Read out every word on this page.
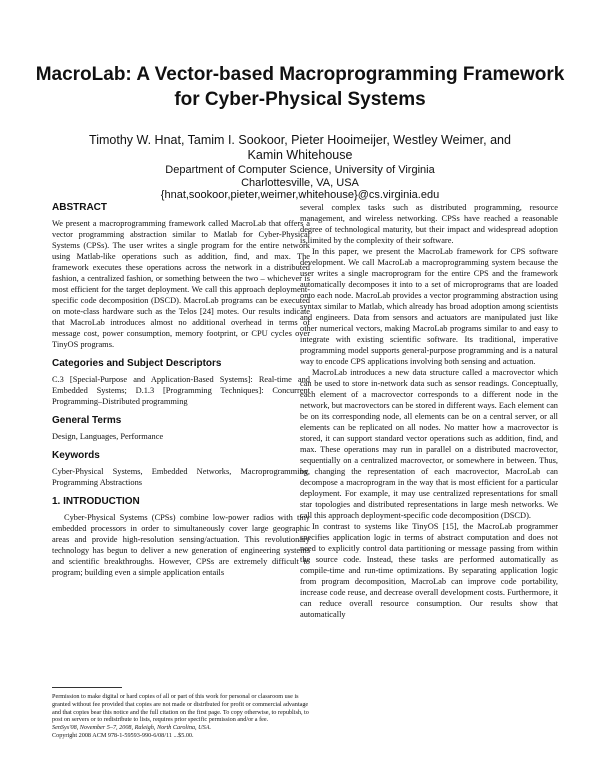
MacroLab: A Vector-based Macroprogramming Framework
for Cyber-Physical Systems
Timothy W. Hnat, Tamim I. Sookoor, Pieter Hooimeijer, Westley Weimer, and
Kamin Whitehouse
Department of Computer Science, University of Virginia
Charlottesville, VA, USA
{hnat,sookoor,pieter,weimer,whitehouse}@cs.virginia.edu
ABSTRACT

We present a macroprogramming framework called MacroLab that offers a vector programming abstraction similar to Matlab for Cyber-Physical Systems (CPSs). The user writes a single program for the entire network using Matlab-like operations such as addition, find, and max. The framework executes these operations across the network in a distributed fashion, a centralized fashion, or something between the two – whichever is most efficient for the target deployment. We call this approach deployment-specific code decomposition (DSCD). MacroLab programs can be executed on mote-class hardware such as the Telos [24] motes. Our results indicate that MacroLab introduces almost no additional overhead in terms of message cost, power consumption, memory footprint, or CPU cycles over TinyOS programs.

Categories and Subject Descriptors

C.3 [Special-Purpose and Application-Based Systems]: Real-time and Embedded Systems; D.1.3 [Programming Techniques]: Concurrent Programming–Distributed programming

General Terms

Design, Languages, Performance

Keywords

Cyber-Physical Systems, Embedded Networks, Macroprogramming, Programming Abstractions

1. INTRODUCTION

Cyber-Physical Systems (CPSs) combine low-power radios with tiny embedded processors in order to simultaneously cover large geographic areas and provide high-resolution sensing/actuation. This revolutionary technology has begun to deliver a new generation of engineering systems and scientific breakthroughs. However, CPSs are extremely difficult to program; building even a simple application entails

Permission to make digital or hard copies of all or part of this work for personal or classroom use is granted without fee provided that copies are not made or distributed for profit or commercial advantage and that copies bear this notice and the full citation on the first page. To copy otherwise, to republish, to post on servers or to redistribute to lists, requires prior specific permission and/or a fee.

SenSys'08, November 5–7, 2008, Raleigh, North Carolina, USA.

Copyright 2008 ACM 978-1-59593-990-6/08/11 ...$5.00.

several complex tasks such as distributed programming, resource management, and wireless networking. CPSs have reached a reasonable degree of technological maturity, but their impact and widespread adoption is limited by the complexity of their software.

In this paper, we present the MacroLab framework for CPS software development. We call MacroLab a macroprogramming system because the user writes a single macroprogram for the entire CPS and the framework automatically decomposes it into to a set of microprograms that are loaded onto each node. MacroLab provides a vector programming abstraction using syntax similar to Matlab, which already has broad adoption among scientists and engineers. Data from sensors and actuators are manipulated just like other numerical vectors, making MacroLab programs similar to and easy to integrate with existing scientific software. Its traditional, imperative programming model supports general-purpose programming and is a natural way to encode CPS applications involving both sensing and actuation.

MacroLab introduces a new data structure called a macrovector which can be used to store in-network data such as sensor readings. Conceptually, each element of a macrovector corresponds to a different node in the network, but macrovectors can be stored in different ways. Each element can be on its corresponding node, all elements can be on a central server, or all elements can be replicated on all nodes. No matter how a macrovector is stored, it can support standard vector operations such as addition, find, and max. These operations may run in parallel on a distributed macrovector, sequentially on a centralized macrovector, or somewhere in between. Thus, by changing the representation of each macrovector, MacroLab can decompose a macroprogram in the way that is most efficient for a particular deployment. For example, it may use centralized representations for small star topologies and distributed representations in large mesh networks. We call this approach deployment-specific code decomposition (DSCD).

In contrast to systems like TinyOS [15], the MacroLab programmer specifies application logic in terms of abstract computation and does not need to explicitly control data partitioning or message passing from within the source code. Instead, these tasks are performed automatically as compile-time and run-time optimizations. By separating application logic from program decomposition, MacroLab can improve code portability, increase code reuse, and decrease overall development costs. Furthermore, it can reduce overall resource consumption. Our results show that automatically
